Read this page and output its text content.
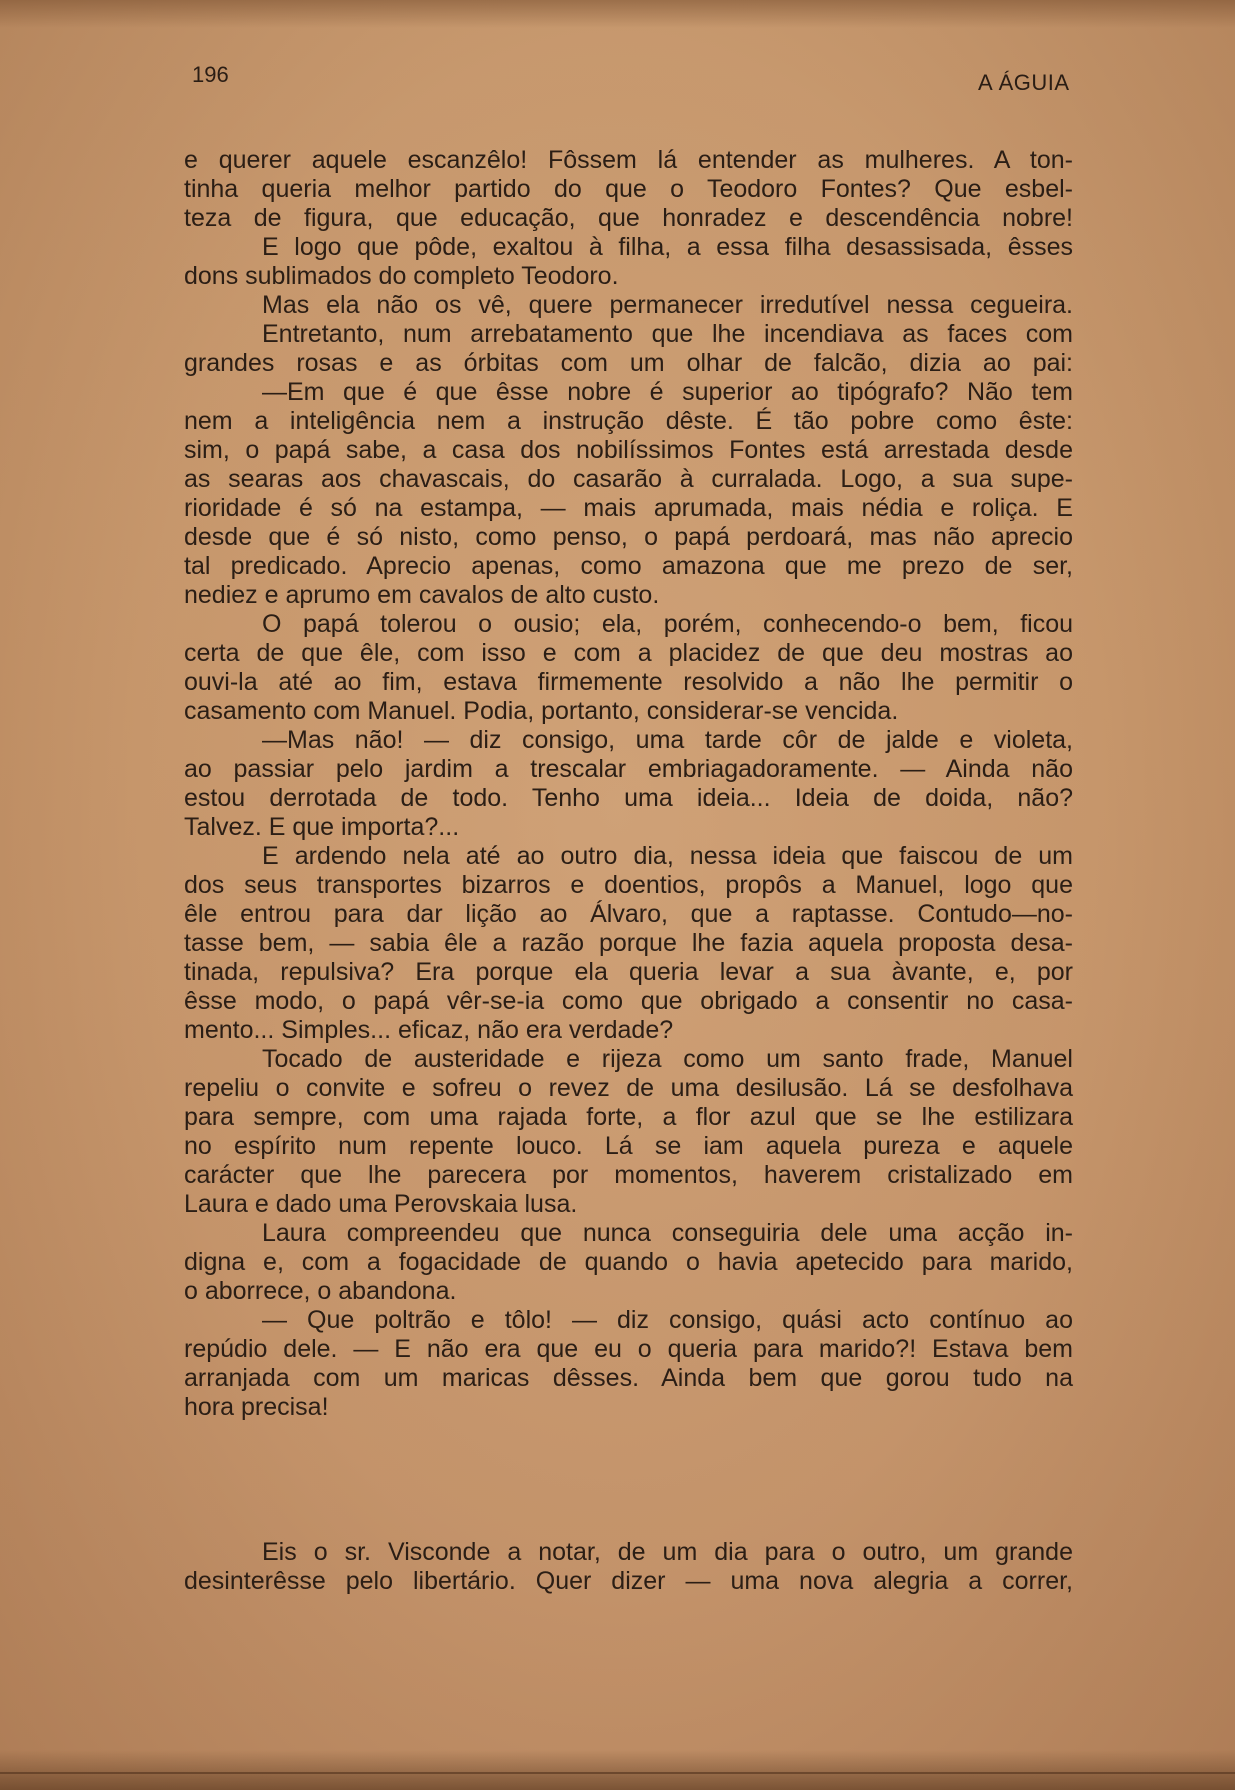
196	A ÁGUIA
e querer aquele escanzêlo! Fôssem lá entender as mulheres. A ton-
tinha queria melhor partido do que o Teodoro Fontes? Que esbel-
teza de figura, que educação, que honradez e descendência nobre!
E logo que pôde, exaltou à filha, a essa filha desassisada, êsses
dons sublimados do completo Teodoro.
Mas ela não os vê, quere permanecer irredutível nessa cegueira.
Entretanto, num arrebatamento que lhe incendiava as faces com
grandes rosas e as órbitas com um olhar de falcão, dizia ao pai:
—Em que é que êsse nobre é superior ao tipógrafo? Não tem
nem a inteligência nem a instrução dêste. É tão pobre como êste:
sim, o papá sabe, a casa dos nobilíssimos Fontes está arrestada desde
as searas aos chavascais, do casarão à curralada. Logo, a sua supe-
rioridade é só na estampa, — mais aprumada, mais nédia e roliça. E
desde que é só nisto, como penso, o papá perdoará, mas não aprecio
tal predicado. Aprecio apenas, como amazona que me prezo de ser,
nediez e aprumo em cavalos de alto custo.
O papá tolerou o ousio; ela, porém, conhecendo-o bem, ficou
certa de que êle, com isso e com a placidez de que deu mostras ao
ouvi-la até ao fim, estava firmemente resolvido a não lhe permitir o
casamento com Manuel. Podia, portanto, considerar-se vencida.
—Mas não! — diz consigo, uma tarde côr de jalde e violeta,
ao passiar pelo jardim a trescalar embriagadoramente. — Ainda não
estou derrotada de todo. Tenho uma ideia... Ideia de doida, não?
Talvez. E que importa?...
E ardendo nela até ao outro dia, nessa ideia que faiscou de um
dos seus transportes bizarros e doentios, propôs a Manuel, logo que
êle entrou para dar lição ao Álvaro, que a raptasse. Contudo—no-
tasse bem, — sabia êle a razão porque lhe fazia aquela proposta desa-
tinada, repulsiva? Era porque ela queria levar a sua àvante, e, por
êsse modo, o papá vêr-se-ia como que obrigado a consentir no casa-
mento... Simples... eficaz, não era verdade?
Tocado de austeridade e rijeza como um santo frade, Manuel
repeliu o convite e sofreu o revez de uma desilusão. Lá se desfolhava
para sempre, com uma rajada forte, a flor azul que se lhe estilizara
no espírito num repente louco. Lá se iam aquela pureza e aquele
carácter que lhe parecera por momentos, haverem cristalizado em
Laura e dado uma Perovskaia lusa.
Laura compreendeu que nunca conseguiria dele uma acção in-
digna e, com a fogacidade de quando o havia apetecido para marido,
o aborrece, o abandona.
— Que poltrão e tôlo! — diz consigo, quási acto contínuo ao
repúdio dele. — E não era que eu o queria para marido?! Estava bem
arranjada com um maricas dêsses. Ainda bem que gorou tudo na
hora precisa!
Eis o sr. Visconde a notar, de um dia para o outro, um grande
desinterêsse pelo libertário. Quer dizer — uma nova alegria a correr,
